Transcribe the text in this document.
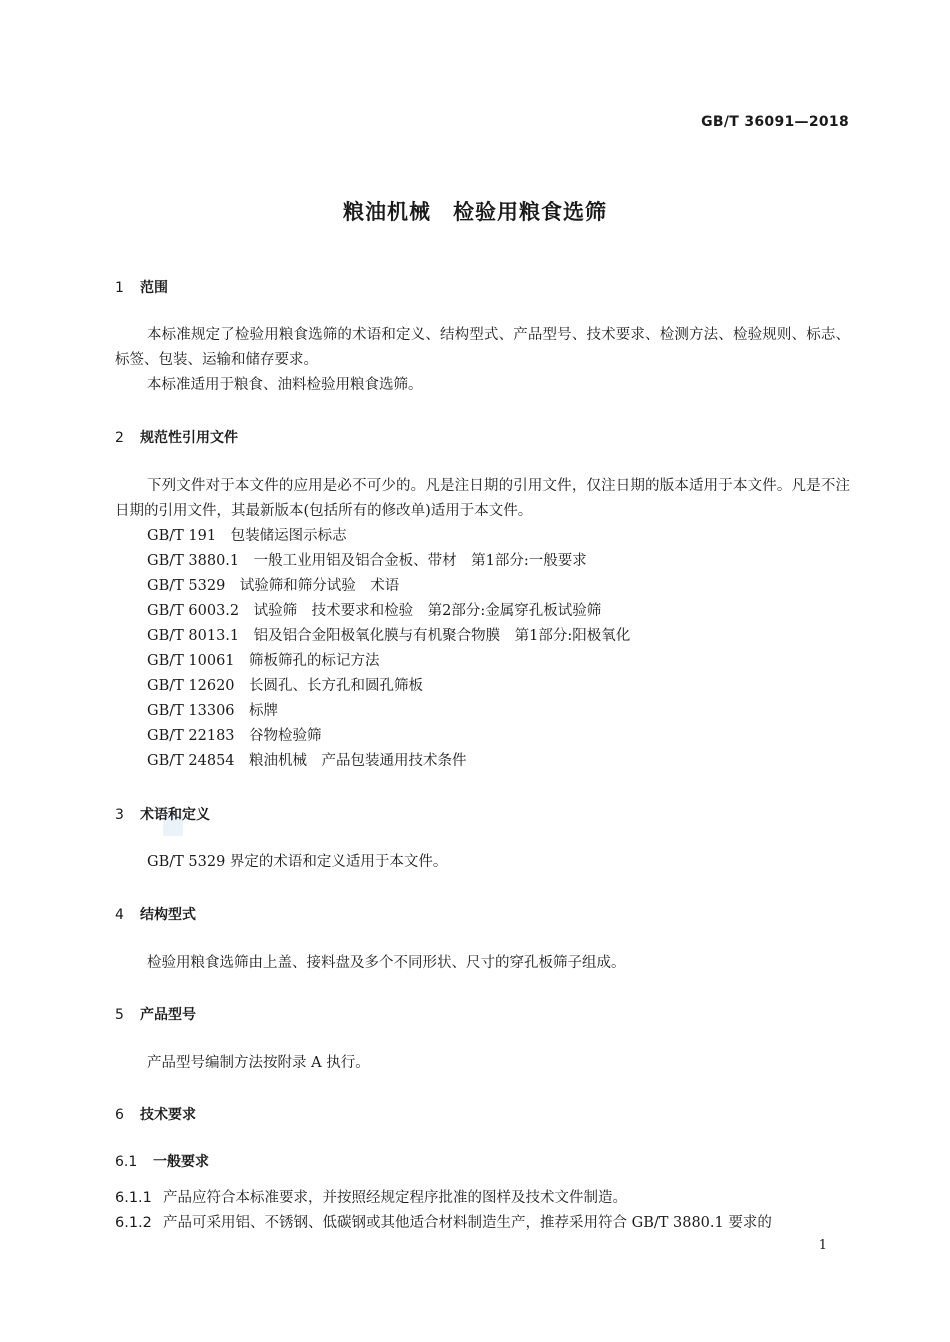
GB/T 36091—2018
粮油机械　检验用粮食选筛
1 范围
本标准规定了检验用粮食选筛的术语和定义、结构型式、产品型号、技术要求、检测方法、检验规则、标志、标签、包装、运输和储存要求。
本标准适用于粮食、油料检验用粮食选筛。
2 规范性引用文件
下列文件对于本文件的应用是必不可少的。凡是注日期的引用文件，仅注日期的版本适用于本文件。凡是不注日期的引用文件，其最新版本(包括所有的修改单)适用于本文件。
GB/T 191　 包装储运图示标志
GB/T 3880.1　 一般工业用铝及铝合金板、带材　第1部分:一般要求
GB/T 5329　 试验筛和筛分试验　术语
GB/T 6003.2　 试验筛　技术要求和检验　第2部分:金属穿孔板试验筛
GB/T 8013.1　 铝及铝合金阳极氧化膜与有机聚合物膜　第1部分:阳极氧化
GB/T 10061　 筛板筛孔的标记方法
GB/T 12620　 长圆孔、长方孔和圆孔筛板
GB/T 13306　 标牌
GB/T 22183　 谷物检验筛
GB/T 24854　 粮油机械　产品包装通用技术条件
3 术语和定义
GB/T 5329 界定的术语和定义适用于本文件。
4 结构型式
检验用粮食选筛由上盖、接料盘及多个不同形状、尺寸的穿孔板筛子组成。
5 产品型号
产品型号编制方法按附录 A 执行。
6 技术要求
6.1 一般要求
6.1.1 产品应符合本标准要求，并按照经规定程序批准的图样及技术文件制造。
6.1.2 产品可采用铝、不锈钢、低碳钢或其他适合材料制造生产，推荐采用符合 GB/T 3880.1 要求的
1
